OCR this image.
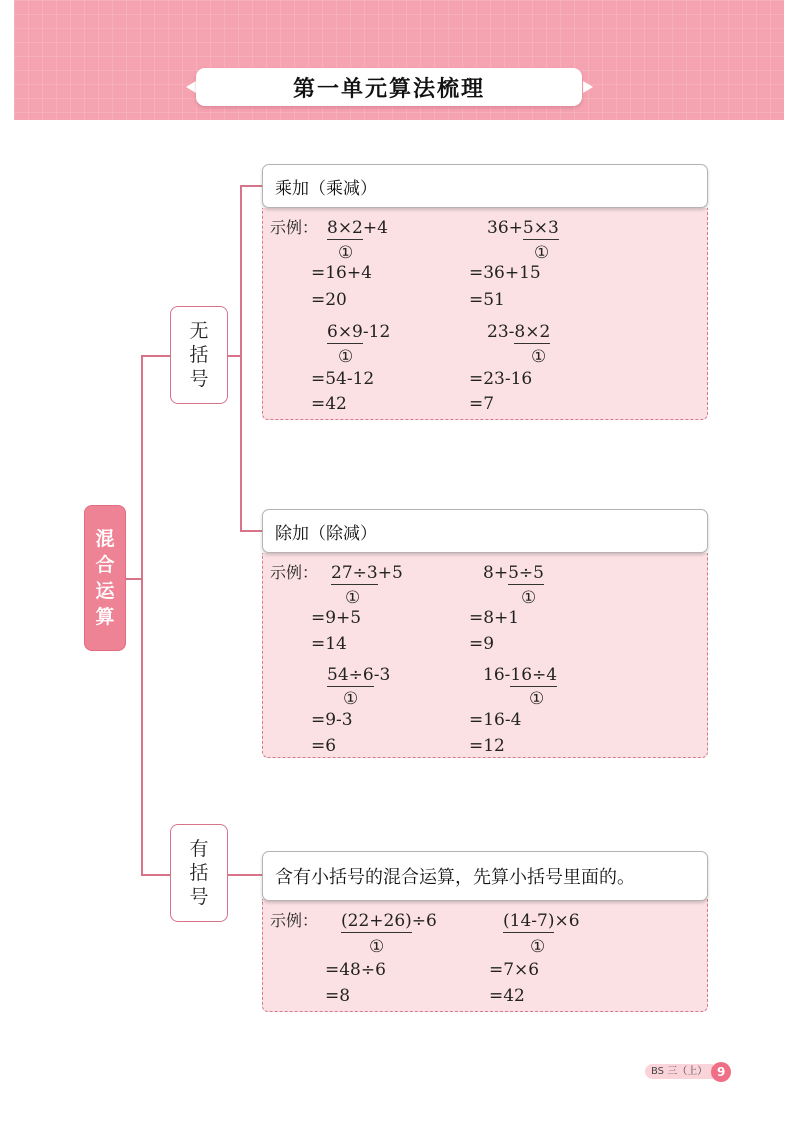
第一单元算法梳理
混
合
运
算
无
括
号
有
括
号
示例： 8×2+4
①
=16+4
=20
36+5×3
①
=36+15
=51
6×9-12
①
=54-12
=42
23-8×2
①
=23-16
=7
乘加（乘减）
示例： 27÷3+5
①
=9+5
=14
8+5÷5
①
=8+1
=9
54÷6-3
①
=9-3
=6
16-16÷4
①
=16-4
=12
除加（除减）
示例： (22+26)÷6
①
=48÷6
=8
(14-7)×6
①
=7×6
=42
含有小括号的混合运算，先算小括号里面的。
BS 三（上） 9
